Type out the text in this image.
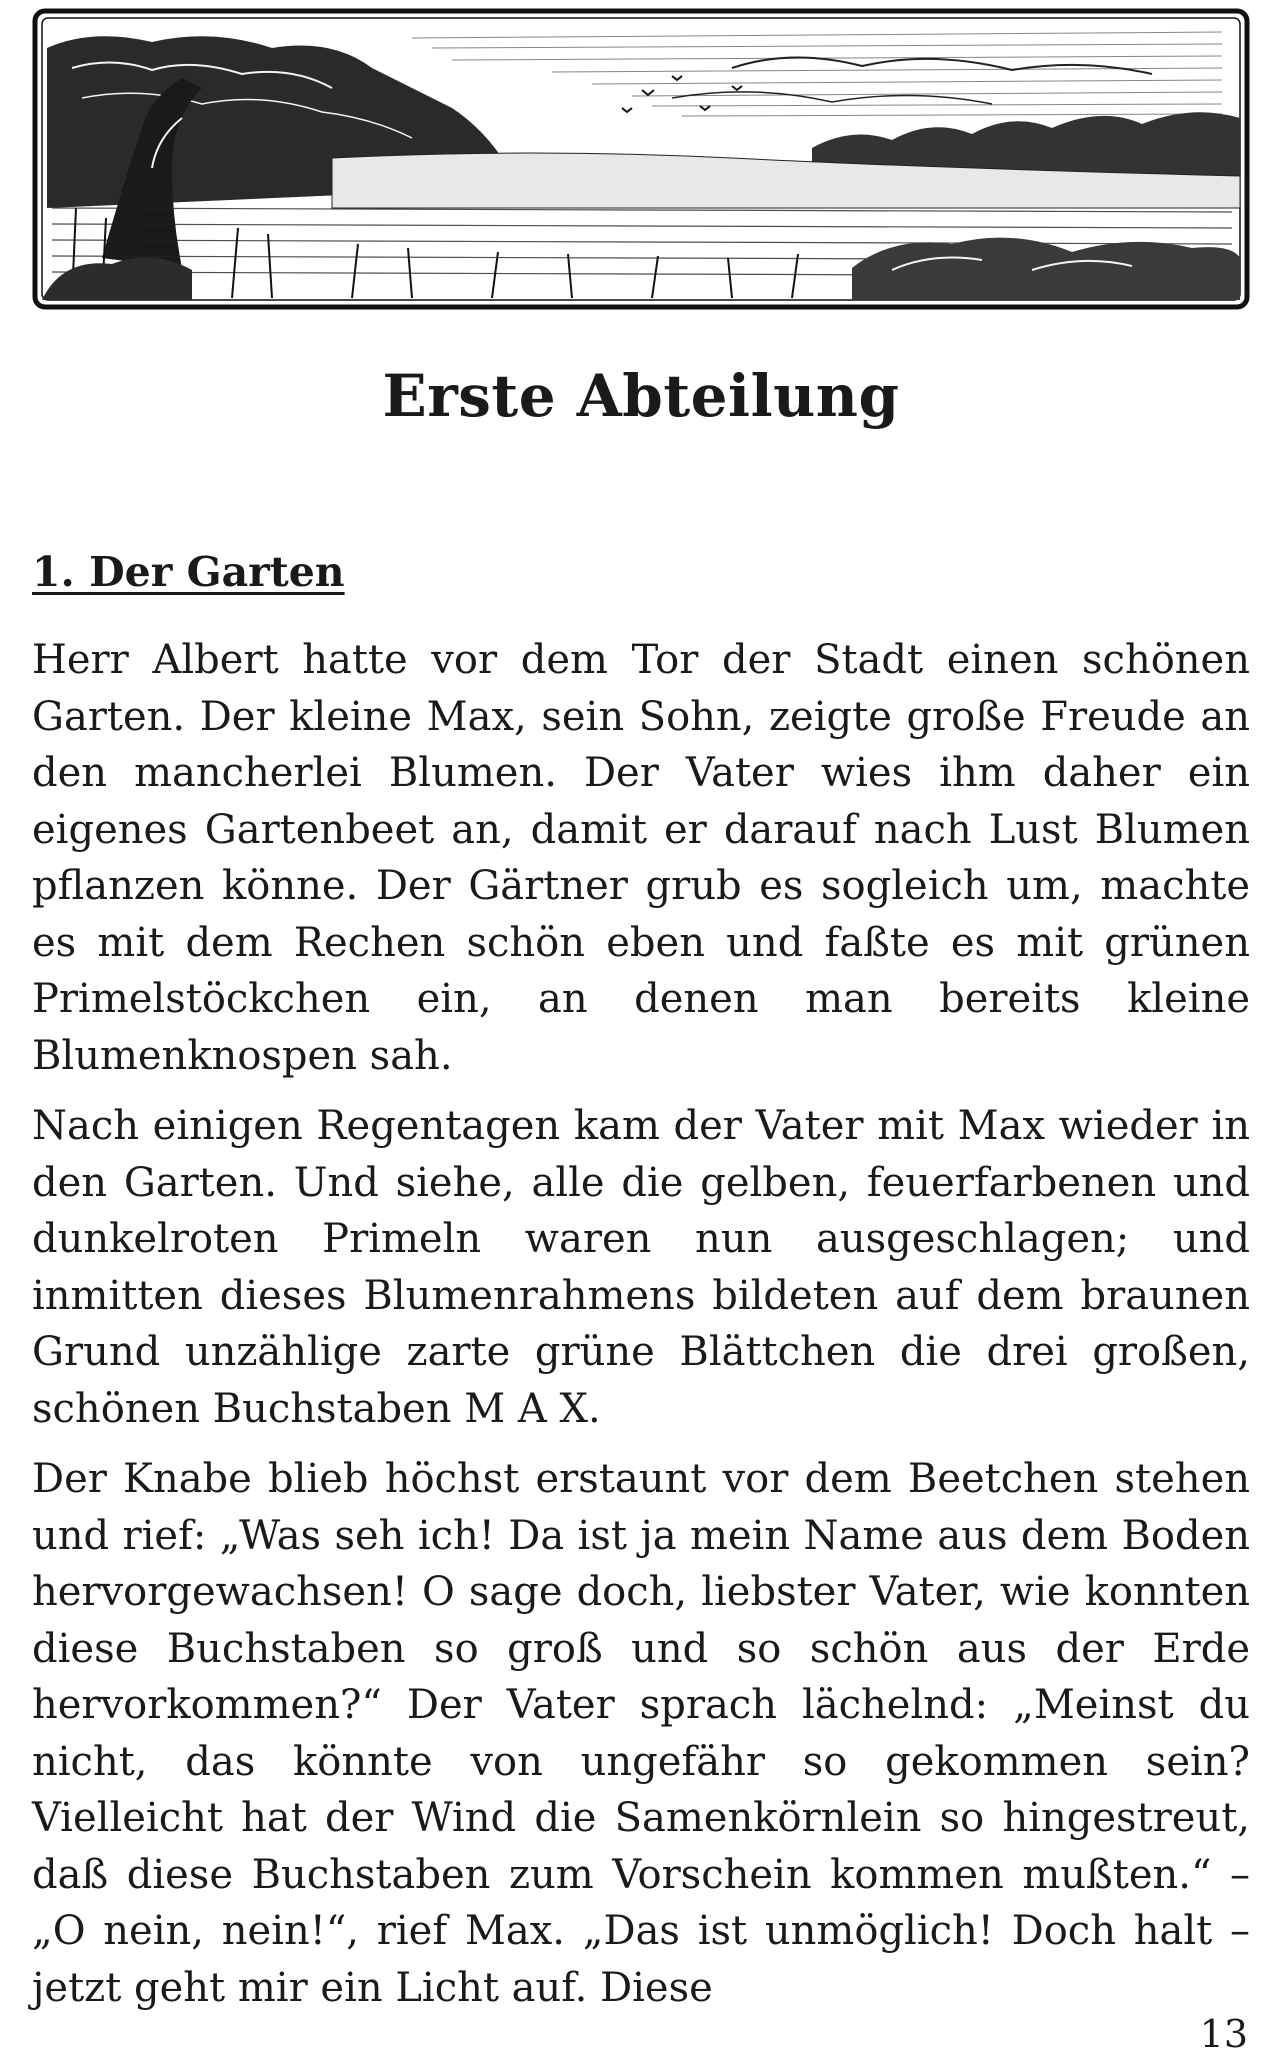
Erste Abteilung
1. Der Garten

Herr Albert hatte vor dem Tor der Stadt einen schönen Garten. Der kleine Max, sein Sohn, zeigte große Freude an den mancherlei Blumen. Der Vater wies ihm daher ein eigenes Gartenbeet an, damit er darauf nach Lust Blumen pflanzen könne. Der Gärtner grub es sogleich um, machte es mit dem Rechen schön eben und faßte es mit grünen Primelstöckchen ein, an denen man bereits kleine Blumenknospen sah.

Nach einigen Regentagen kam der Vater mit Max wieder in den Garten. Und siehe, alle die gelben, feuerfarbenen und dunkelroten Primeln waren nun ausgeschlagen; und inmitten dieses Blumenrahmens bildeten auf dem braunen Grund unzählige zarte grüne Blättchen die drei großen, schönen Buchstaben M A X.

Der Knabe blieb höchst erstaunt vor dem Beetchen stehen und rief: „Was seh ich! Da ist ja mein Name aus dem Boden hervorgewachsen! O sage doch, liebster Vater, wie konnten diese Buchstaben so groß und so schön aus der Erde hervorkommen?“ Der Vater sprach lächelnd: „Meinst du nicht, das könnte von ungefähr so gekommen sein? Vielleicht hat der Wind die Samenkörnlein so hingestreut, daß diese Buchstaben zum Vorschein kommen mußten.“ – „O nein, nein!“, rief Max. „Das ist unmöglich! Doch halt – jetzt geht mir ein Licht auf. Diese

13
